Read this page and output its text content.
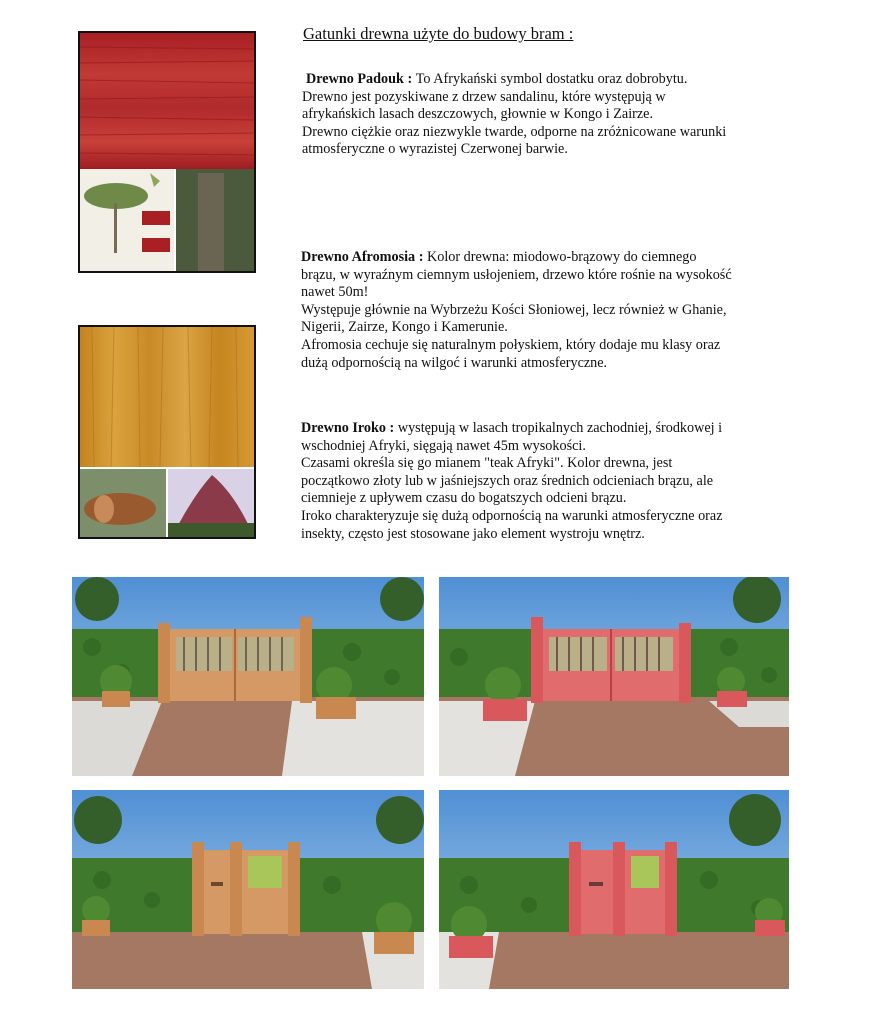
Gatunki drewna użyte do budowy bram :
Drewno Padouk : To Afrykański symbol dostatku oraz dobrobytu.
Drewno jest pozyskiwane z drzew sandalinu, które występują w
afrykańskich lasach deszczowych, głownie w Kongo i Zairze.
Drewno ciężkie oraz niezwykle twarde, odporne na zróżnicowane warunki
atmosferyczne o wyrazistej Czerwonej barwie.
Drewno Afromosia : Kolor drewna: miodowo-brązowy do ciemnego
brązu, w wyraźnym ciemnym usłojeniem, drzewo które rośnie na wysokość
nawet 50m!
Występuje głównie na Wybrzeżu Kości Słoniowej, lecz również w Ghanie,
Nigerii, Zairze, Kongo i Kamerunie.
Afromosia cechuje się naturalnym połyskiem, który dodaje mu klasy oraz
dużą odpornością na wilgoć i warunki atmosferyczne.
Drewno Iroko : występują w lasach tropikalnych zachodniej, środkowej i
wschodniej Afryki, sięgają nawet 45m wysokości.
Czasami określa się go mianem "teak Afryki". Kolor drewna, jest
początkowo złoty lub w jaśniejszych oraz średnich odcieniach brązu, ale
ciemnieje z upływem czasu do bogatszych odcieni brązu.
Iroko charakteryzuje się dużą odpornością na warunki atmosferyczne oraz
insekty, często jest stosowane jako element wystroju wnętrz.
